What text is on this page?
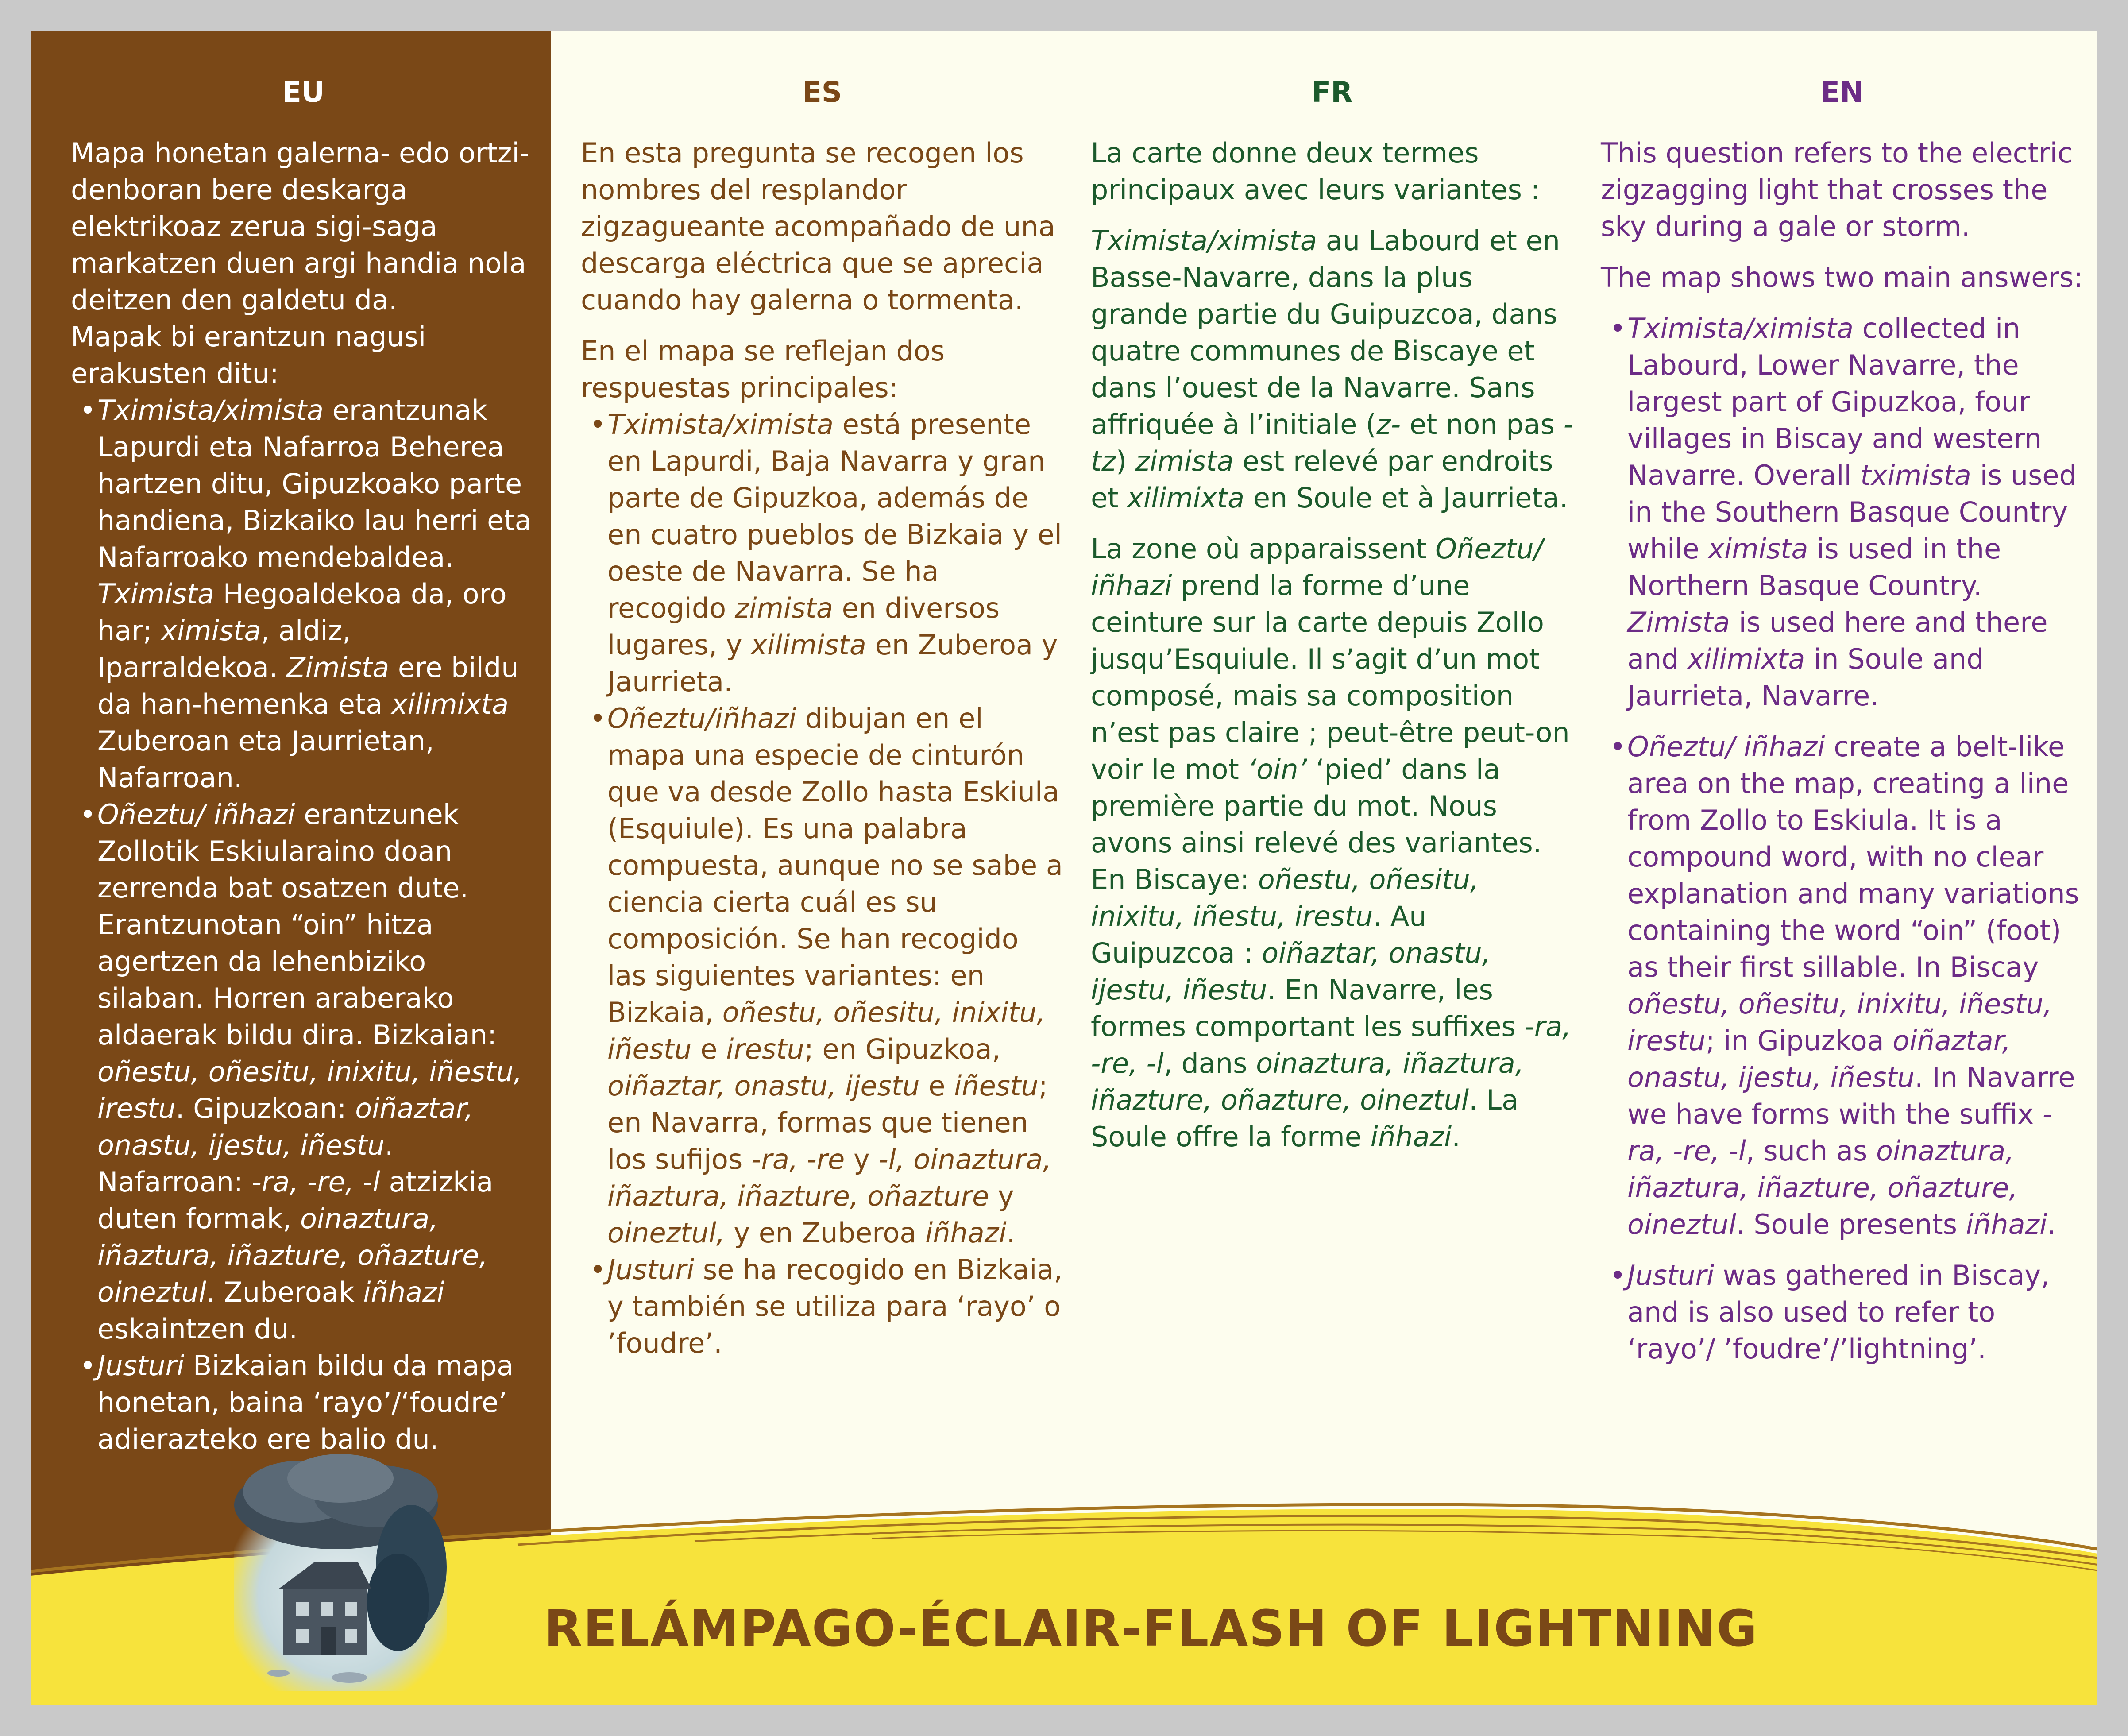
EU

Mapa honetan galerna- edo ortzi-denboran bere deskarga elektrikoaz zerua sigi-saga markatzen duen argi handia nola deitzen den galdetu da.

Mapak bi erantzun nagusi erakusten ditu:

• Tximista/ximista erantzunak Lapurdi eta Nafarroa Beherea hartzen ditu, Gipuzkoako parte handiena, Bizkaiko lau herri eta Nafarroako mendebaldea. Tximista Hegoaldekoa da, oro har; ximista, aldiz, Iparraldekoa. Zimista ere bildu da han-hemenka eta xilimixta Zuberoan eta Jaurrietan, Nafarroan.
• Oñeztu/ iñhazi erantzunek Zollotik Eskiularaino doan zerrenda bat osatzen dute. Erantzunotan “oin” hitza agertzen da lehenbiziko silaban. Horren araberako aldaerak bildu dira. Bizkaian: oñestu, oñesitu, inixitu, iñestu, irestu. Gipuzkoan: oiñaztar, onastu, ijestu, iñestu. Nafarroan: -ra, -re, -l atzizkia duten formak, oinaztura, iñaztura, iñazture, oñazture, oineztul. Zuberoak iñhazi eskaintzen du.
• Justuri Bizkaian bildu da mapa honetan, baina ‘rayo’/‘foudre’ adierazteko ere balio du.
ES

En esta pregunta se recogen los nombres del resplandor zigzagueante acompañado de una descarga eléctrica que se aprecia cuando hay galerna o tormenta.

En el mapa se reflejan dos respuestas principales:

• Tximista/ximista está presente en Lapurdi, Baja Navarra y gran parte de Gipuzkoa, además de en cuatro pueblos de Bizkaia y el oeste de Navarra. Se ha recogido zimista en diversos lugares, y xilimista en Zuberoa y Jaurrieta.
• Oñeztu/iñhazi dibujan en el mapa una especie de cinturón que va desde Zollo hasta Eskiula (Esquiule). Es una palabra compuesta, aunque no se sabe a ciencia cierta cuál es su composición. Se han recogido las siguientes variantes: en Bizkaia, oñestu, oñesitu, inixitu, iñestu e irestu; en Gipuzkoa, oiñaztar, onastu, ijestu e iñestu; en Navarra, formas que tienen los sufijos -ra, -re y -l, oinaztura, iñaztura, iñazture, oñazture y oineztul, y en Zuberoa iñhazi.
• Justuri se ha recogido en Bizkaia, y también se utiliza para ‘rayo’ o ’foudre’.
FR

La carte donne deux termes principaux avec leurs variantes :

Tximista/ximista au Labourd et en Basse-Navarre, dans la plus grande partie du Guipuzcoa, dans quatre communes de Biscaye et dans l’ouest de la Navarre. Sans affriquée à l’initiale (z- et non pas -tz) zimista est relevé par endroits et xilimixta en Soule et à Jaurrieta.

La zone où apparaissent Oñeztu/ iñhazi prend la forme d’une ceinture sur la carte depuis Zollo jusqu’Esquiule. Il s’agit d’un mot composé, mais sa composition n’est pas claire ; peut-être peut-on voir le mot ‘oin’ ‘pied’ dans la première partie du mot. Nous avons ainsi relevé des variantes. En Biscaye: oñestu, oñesitu, inixitu, iñestu, irestu. Au Guipuzcoa : oiñaztar, onastu, ijestu, iñestu. En Navarre, les formes comportant les suffixes -ra, -re, -l, dans oinaztura, iñaztura, iñazture, oñazture, oineztul. La Soule offre la forme iñhazi.

EN

This question refers to the electric zigzagging light that crosses the sky during a gale or storm.

The map shows two main answers:

• Tximista/ximista collected in Labourd, Lower Navarre, the largest part of Gipuzkoa, four villages in Biscay and western Navarre. Overall tximista is used in the Southern Basque Country while ximista is used in the Northern Basque Country. Zimista is used here and there and xilimixta in Soule and Jaurrieta, Navarre.
• Oñeztu/ iñhazi create a belt-like area on the map, creating a line from Zollo to Eskiula. It is a compound word, with no clear explanation and many variations containing the word “oin” (foot) as their first sillable. In Biscay oñestu, oñesitu, inixitu, iñestu, irestu; in Gipuzkoa oiñaztar, onastu, ijestu, iñestu. In Navarre we have forms with the suffix -ra, -re, -l, such as oinaztura, iñaztura, iñazture, oñazture, oineztul. Soule presents iñhazi.
• Justuri was gathered in Biscay, and is also used to refer to ‘rayo’/ ’foudre’/’lightning’.
RELÁMPAGO-ÉCLAIR-FLASH OF LIGHTNING
